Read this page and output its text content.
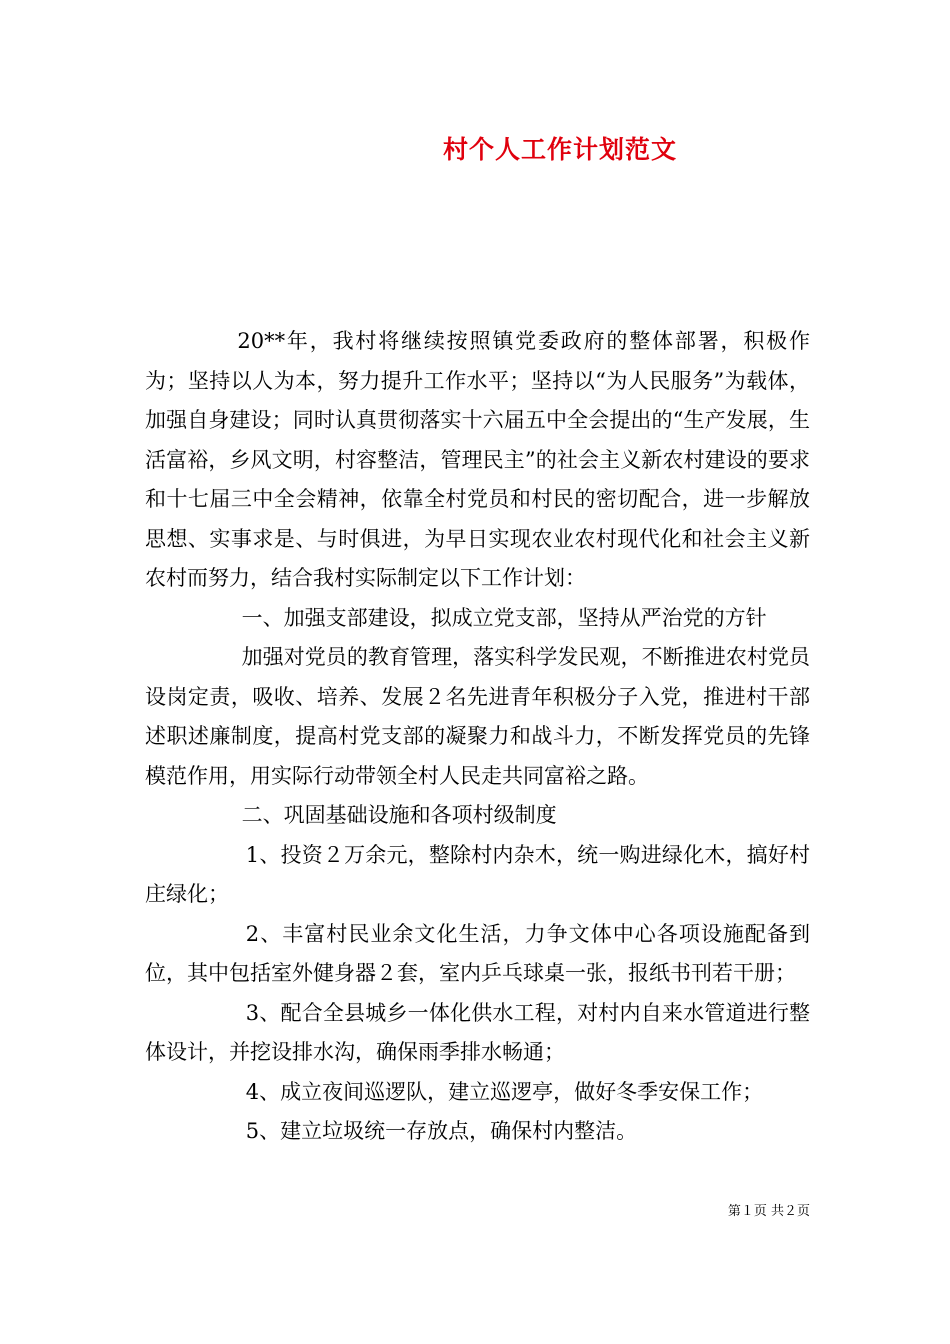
村个人工作计划范文

20**年，我村将继续按照镇党委政府的整体部署，积极作为；坚持以人为本，努力提升工作水平；坚持以“为人民服务”为载体，加强自身建设；同时认真贯彻落实十六届五中全会提出的“生产发展，生活富裕，乡风文明，村容整洁，管理民主”的社会主义新农村建设的要求和十七届三中全会精神，依靠全村党员和村民的密切配合，进一步解放思想、实事求是、与时俱进，为早日实现农业农村现代化和社会主义新农村而努力，结合我村实际制定以下工作计划：

一、加强支部建设，拟成立党支部，坚持从严治党的方针

加强对党员的教育管理，落实科学发民观，不断推进农村党员设岗定责，吸收、培养、发展２名先进青年积极分子入党，推进村干部述职述廉制度，提高村党支部的凝聚力和战斗力，不断发挥党员的先锋模范作用，用实际行动带领全村人民走共同富裕之路。

二、巩固基础设施和各项村级制度

1、投资２万余元，整除村内杂木，统一购进绿化木，搞好村庄绿化；

2、丰富村民业余文化生活，力争文体中心各项设施配备到位，其中包括室外健身器２套，室内乒乓球桌一张，报纸书刊若干册；

3、配合全县城乡一体化供水工程，对村内自来水管道进行整体设计，并挖设排水沟，确保雨季排水畅通；

4、成立夜间巡逻队，建立巡逻亭，做好冬季安保工作；

5、建立垃圾统一存放点，确保村内整洁。

第１页 共２页
